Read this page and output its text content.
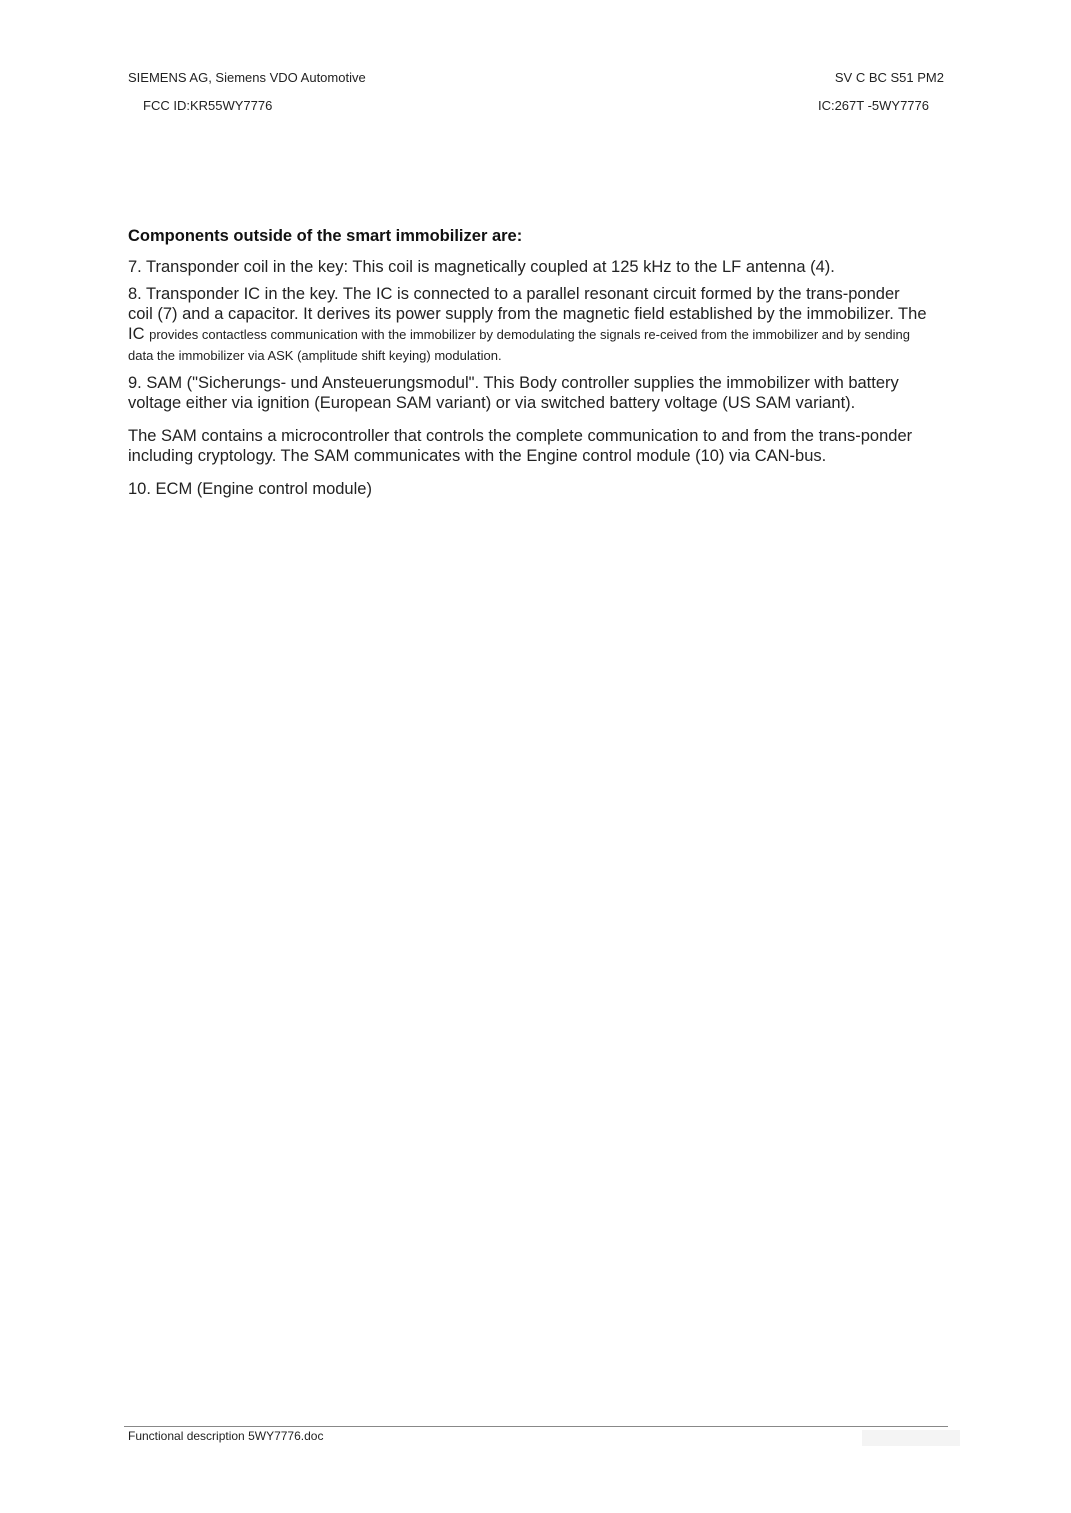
SIEMENS AG, Siemens VDO Automotive
FCC ID:KR55WY7776
SV C BC S51 PM2
IC:267T -5WY7776
Components outside of the smart immobilizer are:

7. Transponder coil in the key: This coil is magnetically coupled at 125 kHz to the LF antenna (4).

8. Transponder IC in the key. The IC is connected to a parallel resonant circuit formed by the trans-ponder coil (7) and a capacitor. It derives its power supply from the magnetic field established by the immobilizer. The IC provides contactless communication with the immobilizer by demodulating the signals re-ceived from the immobilizer and by sending data the immobilizer via ASK (amplitude shift keying) modulation.

9. SAM ("Sicherungs- und Ansteuerungsmodul". This Body controller supplies the immobilizer with battery voltage either via ignition (European SAM variant) or via switched battery voltage (US SAM variant).

The SAM contains a microcontroller that controls the complete communication to and from the trans-ponder including cryptology. The SAM communicates with the Engine control module (10) via CAN-bus.

10. ECM (Engine control module)

Functional description 5WY7776.doc
